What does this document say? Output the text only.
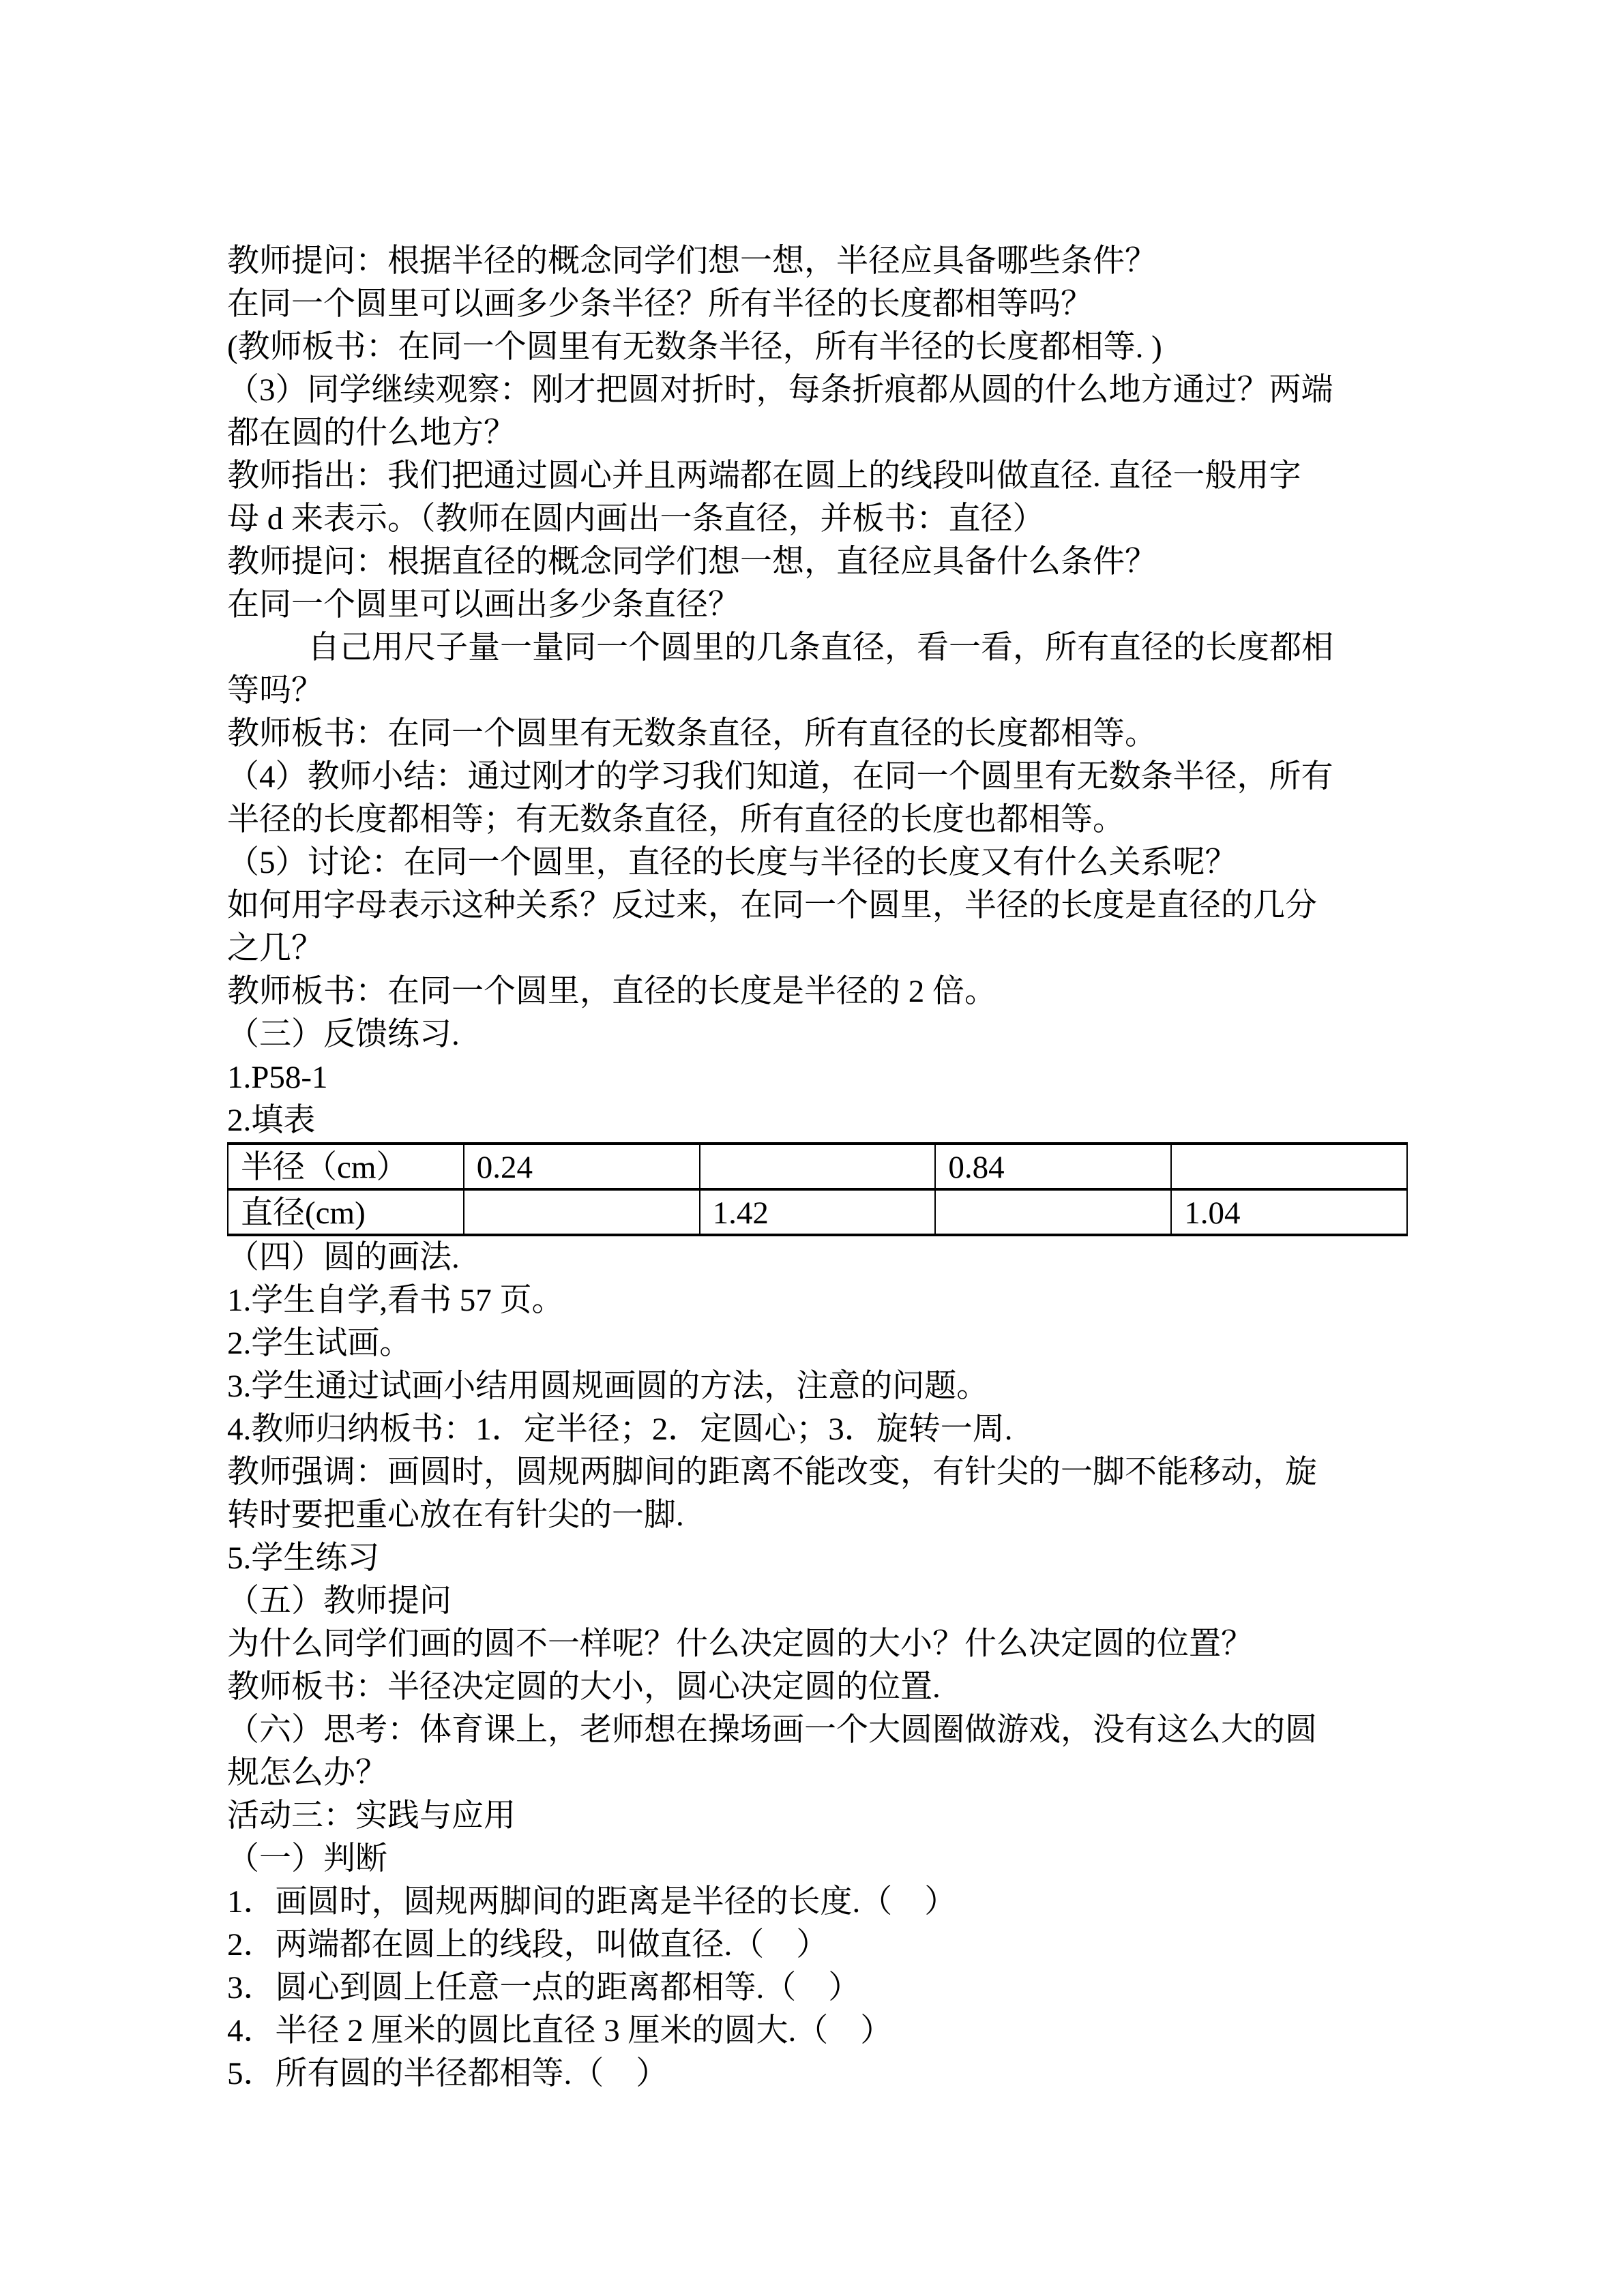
教师提问：根据半径的概念同学们想一想，半径应具备哪些条件？
在同一个圆里可以画多少条半径？所有半径的长度都相等吗？
(教师板书：在同一个圆里有无数条半径，所有半径的长度都相等. )
（3）同学继续观察：刚才把圆对折时，每条折痕都从圆的什么地方通过？两端
都在圆的什么地方？
教师指出：我们把通过圆心并且两端都在圆上的线段叫做直径. 直径一般用字
母 d 来表示。（教师在圆内画出一条直径，并板书：直径）
教师提问：根据直径的概念同学们想一想，直径应具备什么条件？
在同一个圆里可以画出多少条直径？
自己用尺子量一量同一个圆里的几条直径，看一看，所有直径的长度都相
等吗？
教师板书：在同一个圆里有无数条直径，所有直径的长度都相等。
（4）教师小结：通过刚才的学习我们知道，在同一个圆里有无数条半径，所有
半径的长度都相等；有无数条直径，所有直径的长度也都相等。
（5）讨论：在同一个圆里，直径的长度与半径的长度又有什么关系呢？
如何用字母表示这种关系？反过来，在同一个圆里，半径的长度是直径的几分
之几？
教师板书：在同一个圆里，直径的长度是半径的 2 倍。
（三）反馈练习.
1.P58-1
2.填表
半径（cm）	0.24		0.84	
直径(cm)		1.42		1.04
（四）圆的画法.
1.学生自学,看书 57 页。
2.学生试画。
3.学生通过试画小结用圆规画圆的方法，注意的问题。
4.教师归纳板书：1．定半径；2．定圆心；3．旋转一周.
教师强调：画圆时，圆规两脚间的距离不能改变，有针尖的一脚不能移动，旋
转时要把重心放在有针尖的一脚.
5.学生练习
（五）教师提问
为什么同学们画的圆不一样呢？什么决定圆的大小？什么决定圆的位置？
教师板书：半径决定圆的大小，圆心决定圆的位置.
（六）思考：体育课上，老师想在操场画一个大圆圈做游戏，没有这么大的圆
规怎么办？
活动三：实践与应用
（一）判断
1．画圆时，圆规两脚间的距离是半径的长度.（　）
2．两端都在圆上的线段，叫做直径.（　）
3．圆心到圆上任意一点的距离都相等.（　）
4．半径 2 厘米的圆比直径 3 厘米的圆大.（　）
5．所有圆的半径都相等.（　）
